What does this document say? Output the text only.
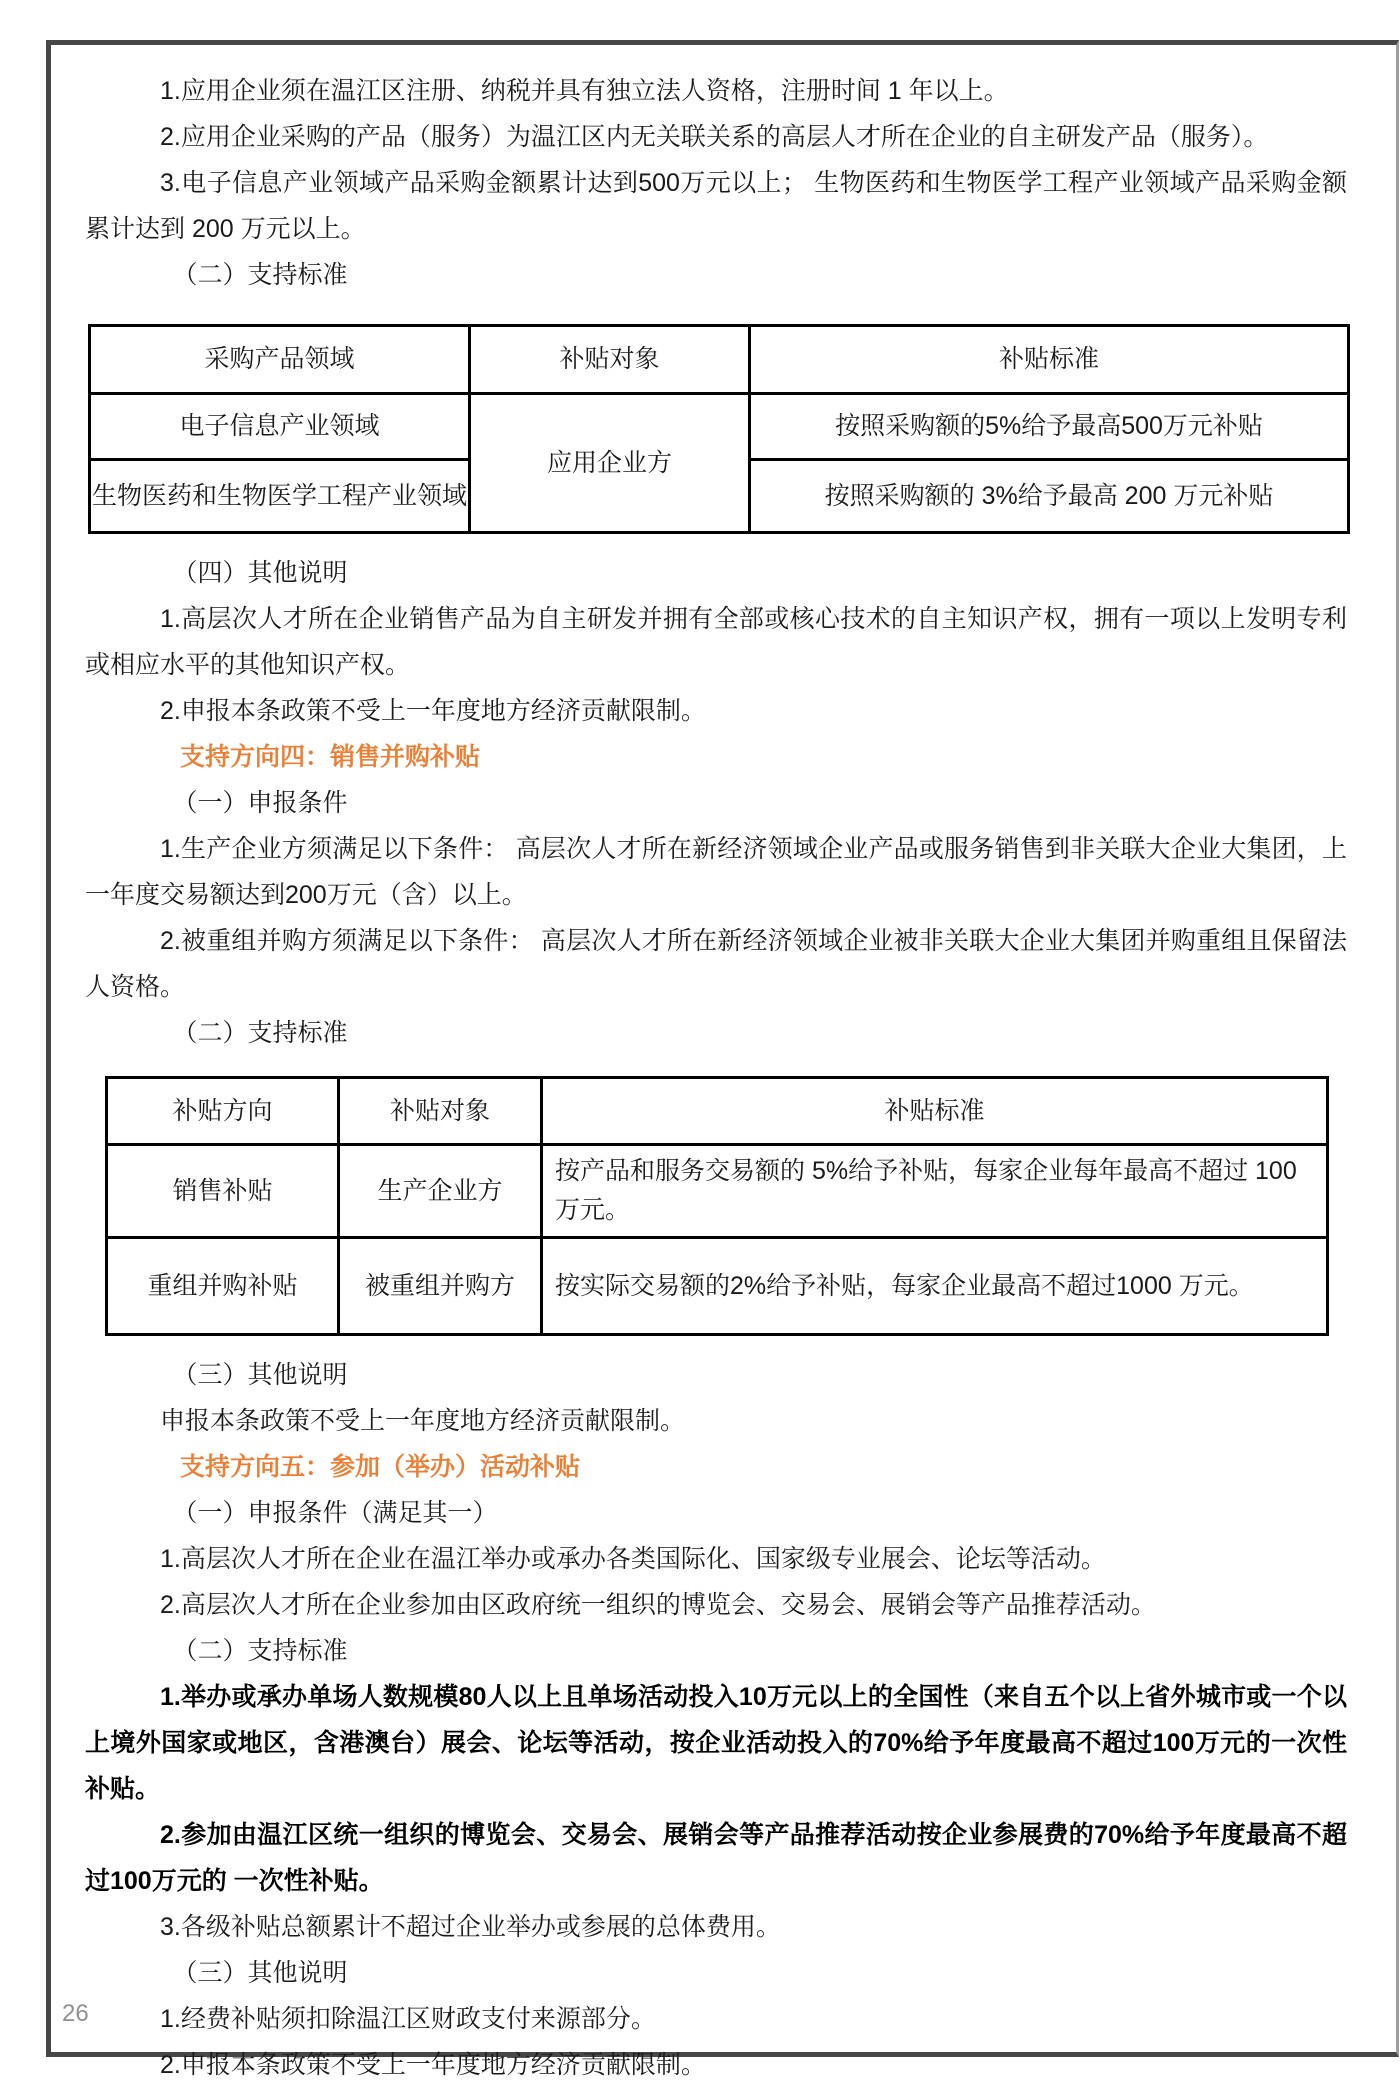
1.应用企业须在温江区注册、纳税并具有独立法人资格，注册时间 1 年以上。

2.应用企业采购的产品（服务）为温江区内无关联关系的高层人才所在企业的自主研发产品（服务）。

3.电子信息产业领域产品采购金额累计达到500万元以上； 生物医药和生物医学工程产业领域产品采购金额累计达到 200 万元以上。

（二）支持标准

采购产品领域	补贴对象	补贴标准
电子信息产业领域	应用企业方	按照采购额的5%给予最高500万元补贴
生物医药和生物医学工程产业领域		按照采购额的 3%给予最高 200 万元补贴

（四）其他说明

1.高层次人才所在企业销售产品为自主研发并拥有全部或核心技术的自主知识产权，拥有一项以上发明专利或相应水平的其他知识产权。

2.申报本条政策不受上一年度地方经济贡献限制。

支持方向四：销售并购补贴

（一）申报条件

1.生产企业方须满足以下条件： 高层次人才所在新经济领域企业产品或服务销售到非关联大企业大集团，上一年度交易额达到200万元（含）以上。

2.被重组并购方须满足以下条件： 高层次人才所在新经济领域企业被非关联大企业大集团并购重组且保留法人资格。

（二）支持标准

补贴方向	补贴对象	补贴标准
销售补贴	生产企业方	按产品和服务交易额的 5%给予补贴，每家企业每年最高不超过 100 万元。
重组并购补贴	被重组并购方	按实际交易额的2%给予补贴，每家企业最高不超过1000 万元。

（三）其他说明

申报本条政策不受上一年度地方经济贡献限制。

支持方向五：参加（举办）活动补贴

（一）申报条件（满足其一）

1.高层次人才所在企业在温江举办或承办各类国际化、国家级专业展会、论坛等活动。

2.高层次人才所在企业参加由区政府统一组织的博览会、交易会、展销会等产品推荐活动。

（二）支持标准

1.举办或承办单场人数规模80人以上且单场活动投入10万元以上的全国性（来自五个以上省外城市或一个以上境外国家或地区，含港澳台）展会、论坛等活动，按企业活动投入的70%给予年度最高不超过100万元的一次性补贴。

2.参加由温江区统一组织的博览会、交易会、展销会等产品推荐活动按企业参展费的70%给予年度最高不超过100万元的 一次性补贴。

3.各级补贴总额累计不超过企业举办或参展的总体费用。

（三）其他说明

1.经费补贴须扣除温江区财政支付来源部分。

2.申报本条政策不受上一年度地方经济贡献限制。

26
